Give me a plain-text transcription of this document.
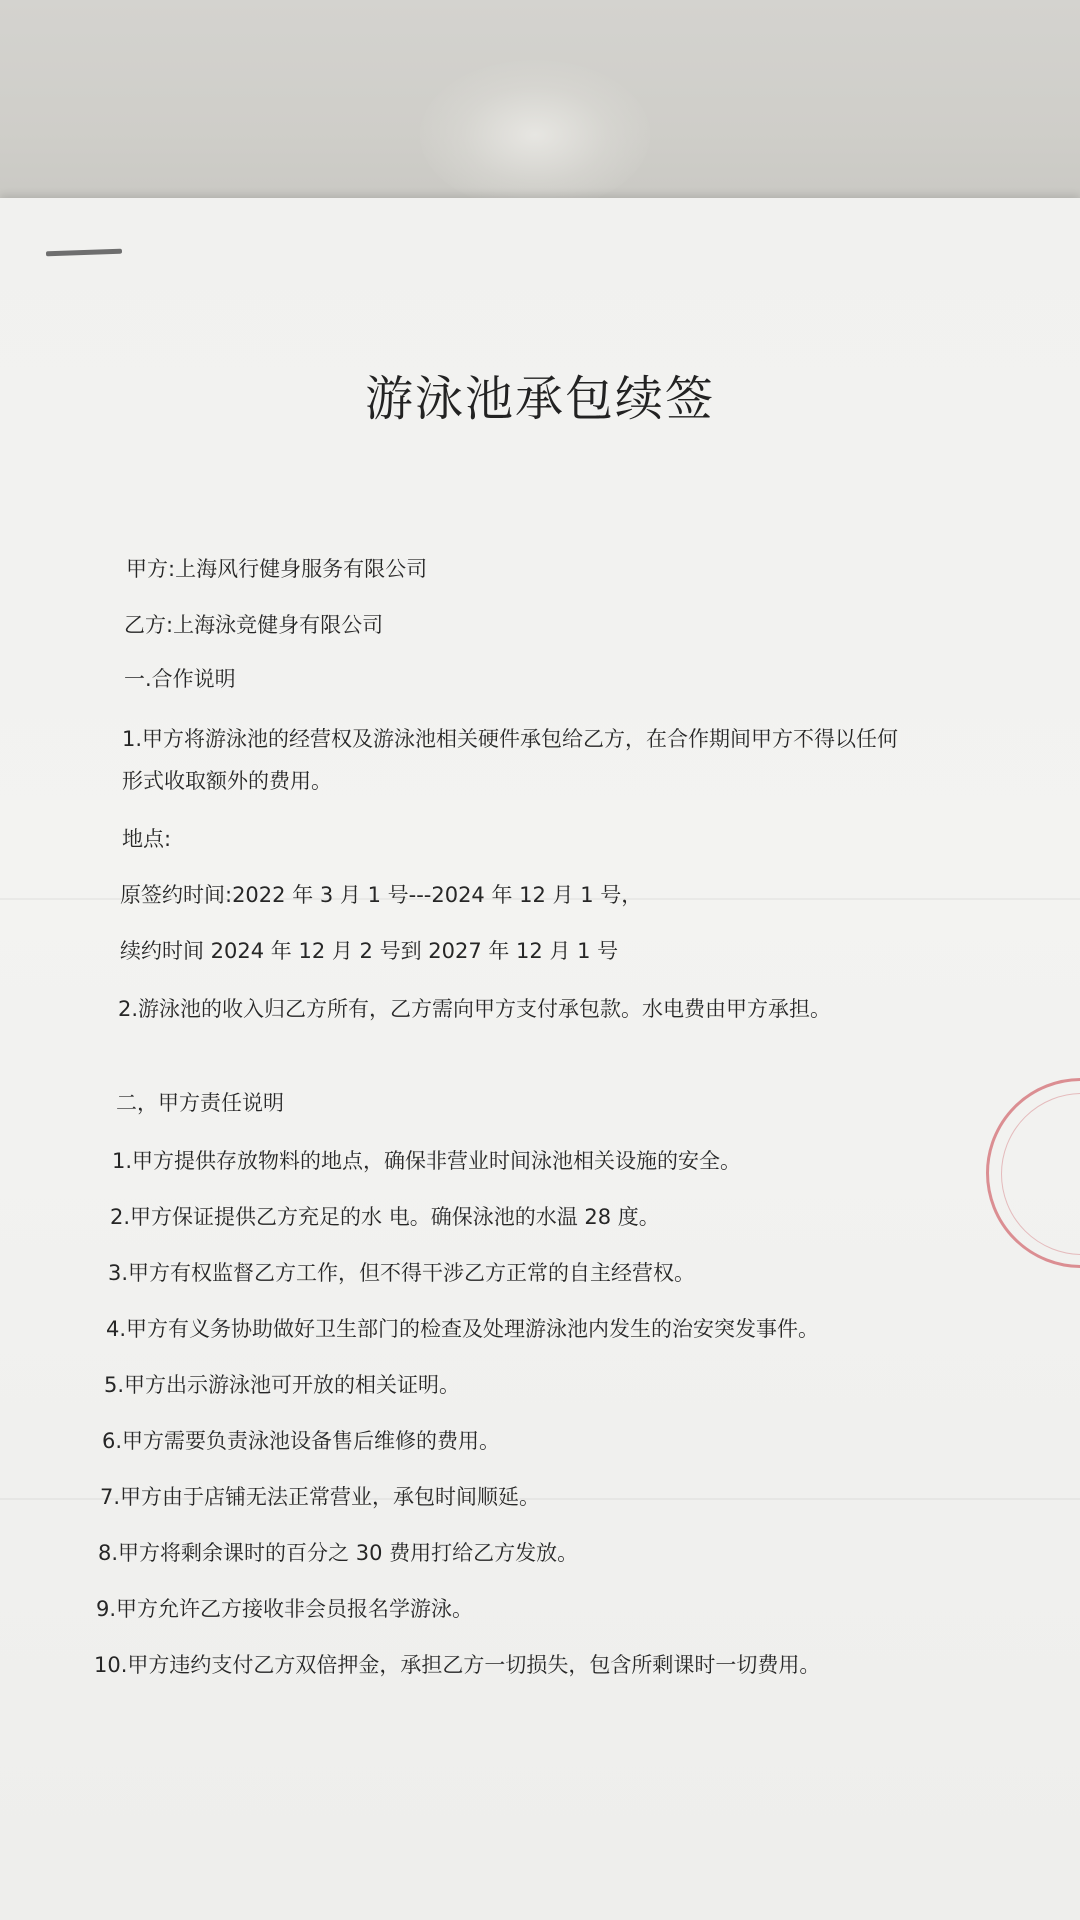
游泳池承包续签
甲方:上海风行健身服务有限公司
乙方:上海泳竞健身有限公司
一.合作说明
1.甲方将游泳池的经营权及游泳池相关硬件承包给乙方，在合作期间甲方不得以任何
形式收取额外的费用。
地点:
原签约时间:2022 年 3 月 1 号---2024 年 12 月 1 号，
续约时间 2024 年 12 月 2 号到 2027 年 12 月 1 号
2.游泳池的收入归乙方所有，乙方需向甲方支付承包款。水电费由甲方承担。
二，甲方责任说明
1.甲方提供存放物料的地点，确保非营业时间泳池相关设施的安全。
2.甲方保证提供乙方充足的水 电。确保泳池的水温 28 度。
3.甲方有权监督乙方工作，但不得干涉乙方正常的自主经营权。
4.甲方有义务协助做好卫生部门的检查及处理游泳池内发生的治安突发事件。
5.甲方出示游泳池可开放的相关证明。
6.甲方需要负责泳池设备售后维修的费用。
7.甲方由于店铺无法正常营业，承包时间顺延。
8.甲方将剩余课时的百分之 30 费用打给乙方发放。
9.甲方允许乙方接收非会员报名学游泳。
10.甲方违约支付乙方双倍押金，承担乙方一切损失，包含所剩课时一切费用。
